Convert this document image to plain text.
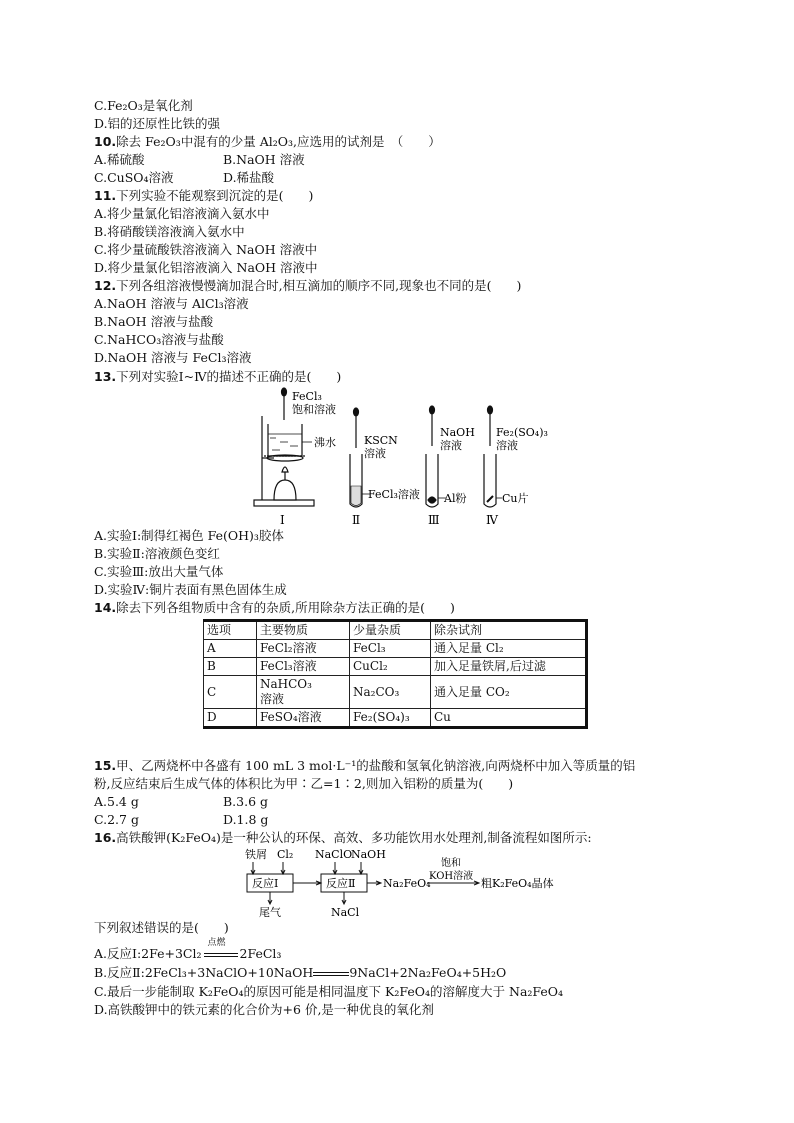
C.Fe₂O₃是氧化剂
D.铝的还原性比铁的强
10.除去 Fe₂O₃中混有的少量 Al₂O₃,应选用的试剂是　（　　）
A.稀硫酸	B.NaOH 溶液
C.CuSO₄溶液	D.稀盐酸
11.下列实验不能观察到沉淀的是(　　)
A.将少量氯化铝溶液滴入氨水中
B.将硝酸镁溶液滴入氨水中
C.将少量硫酸铁溶液滴入 NaOH 溶液中
D.将少量氯化铝溶液滴入 NaOH 溶液中
12.下列各组溶液慢慢滴加混合时,相互滴加的顺序不同,现象也不同的是(　　)
A.NaOH 溶液与 AlCl₃溶液
B.NaOH 溶液与盐酸
C.NaHCO₃溶液与盐酸
D.NaOH 溶液与 FeCl₃溶液
13.下列对实验Ⅰ~Ⅳ的描述不正确的是(　　)
FeCl₃
饱和溶液
沸水
Ⅰ
KSCN
溶液
FeCl₃溶液
Ⅱ
NaOH
溶液
Al粉
Ⅲ
Fe₂(SO₄)₃
溶液
Cu片
Ⅳ
A.实验Ⅰ:制得红褐色 Fe(OH)₃胶体
B.实验Ⅱ:溶液颜色变红
C.实验Ⅲ:放出大量气体
D.实验Ⅳ:铜片表面有黑色固体生成
14.除去下列各组物质中含有的杂质,所用除杂方法正确的是(　　)
选项	主要物质	少量杂质	除杂试剂
A	FeCl₂溶液	FeCl₃	通入足量 Cl₂
B	FeCl₃溶液	CuCl₂	加入足量铁屑,后过滤
C	NaHCO₃
溶液	Na₂CO₃	通入足量 CO₂
D	FeSO₄溶液	Fe₂(SO₄)₃	Cu
15.甲、乙两烧杯中各盛有 100 mL 3 mol·L⁻¹的盐酸和氢氧化钠溶液,向两烧杯中加入等质量的铝
粉,反应结束后生成气体的体积比为甲∶乙=1∶2,则加入铝粉的质量为(　　)
A.5.4 g	B.3.6 g
C.2.7 g	D.1.8 g
16.高铁酸钾(K₂FeO₄)是一种公认的环保、高效、多功能饮用水处理剂,制备流程如图所示:
铁屑 Cl₂ NaClO
NaOH
反应Ⅰ	反应Ⅱ
尾气	NaCl
Na₂FeO₄
饱和
KOH溶液
粗K₂FeO₄晶体
下列叙述错误的是(　　)
A.反应Ⅰ:2Fe+3Cl₂
点燃
2FeCl₃
B.反应Ⅱ:2FeCl₃+3NaClO+10NaOH	9NaCl+2Na₂FeO₄+5H₂O
C.最后一步能制取 K₂FeO₄的原因可能是相同温度下 K₂FeO₄的溶解度大于 Na₂FeO₄
D.高铁酸钾中的铁元素的化合价为+6 价,是一种优良的氧化剂
